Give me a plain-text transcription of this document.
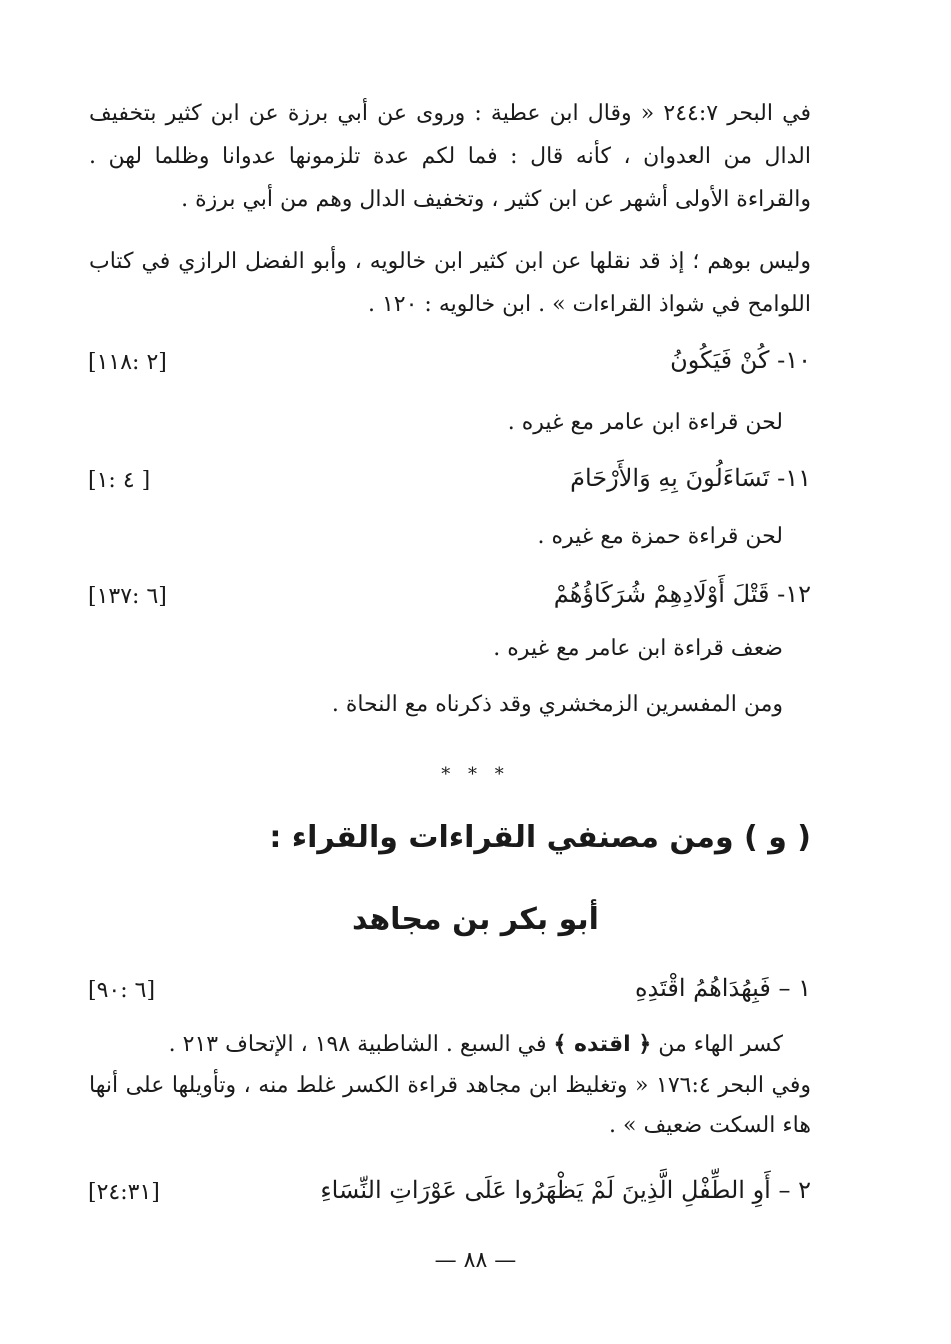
في البحر ٢٤٤:٧ « وقال ابن عطية : وروى عن أبي برزة عن ابن كثير بتخفيف الدال من العدوان ، كأنه قال : فما لكم عدة تلزمونها عدوانا وظلما لهن . والقراءة الأولى أشهر عن ابن كثير ، وتخفيف الدال وهم من أبي برزة .

وليس بوهم ؛ إذ قد نقلها عن ابن كثير ابن خالويه ، وأبو الفضل الرازي في كتاب اللوامح في شواذ القراءات » . ابن خالويه : ١٢٠ .

١٠- كُنْ فَيَكُونُ
[٢ :١١٨]
لحن قراءة ابن عامر مع غيره .
١١- تَسَاءَلُونَ بِهِ وَالأَرْحَامَ
[٤ :١ ]
لحن قراءة حمزة مع غيره .
١٢- قَتْلَ أَوْلَادِهِمْ شُرَكَاؤُهُمْ
[٦ :١٣٧]
ضعف قراءة ابن عامر مع غيره .
ومن المفسرين الزمخشري وقد ذكرناه مع النحاة .
* * *
( و ) ومن مصنفي القراءات والقراء :
أبو بكر بن مجاهد
١ – فَبِهُدَاهُمُ اقْتَدِهِ
[٦ :٩٠]
كسر الهاء من ﴿ اقتده ﴾ في السبع . الشاطبية ١٩٨ ، الإتحاف ٢١٣ .

وفي البحر ١٧٦:٤ « وتغليظ ابن مجاهد قراءة الكسر غلط منه ، وتأويلها على أنها هاء السكت ضعيف » .

٢ – أَوِ الطِّفْلِ الَّذِينَ لَمْ يَظْهَرُوا عَلَى عَوْرَاتِ النِّسَاءِ
[٢٤:٣١]
— ٨٨ —
